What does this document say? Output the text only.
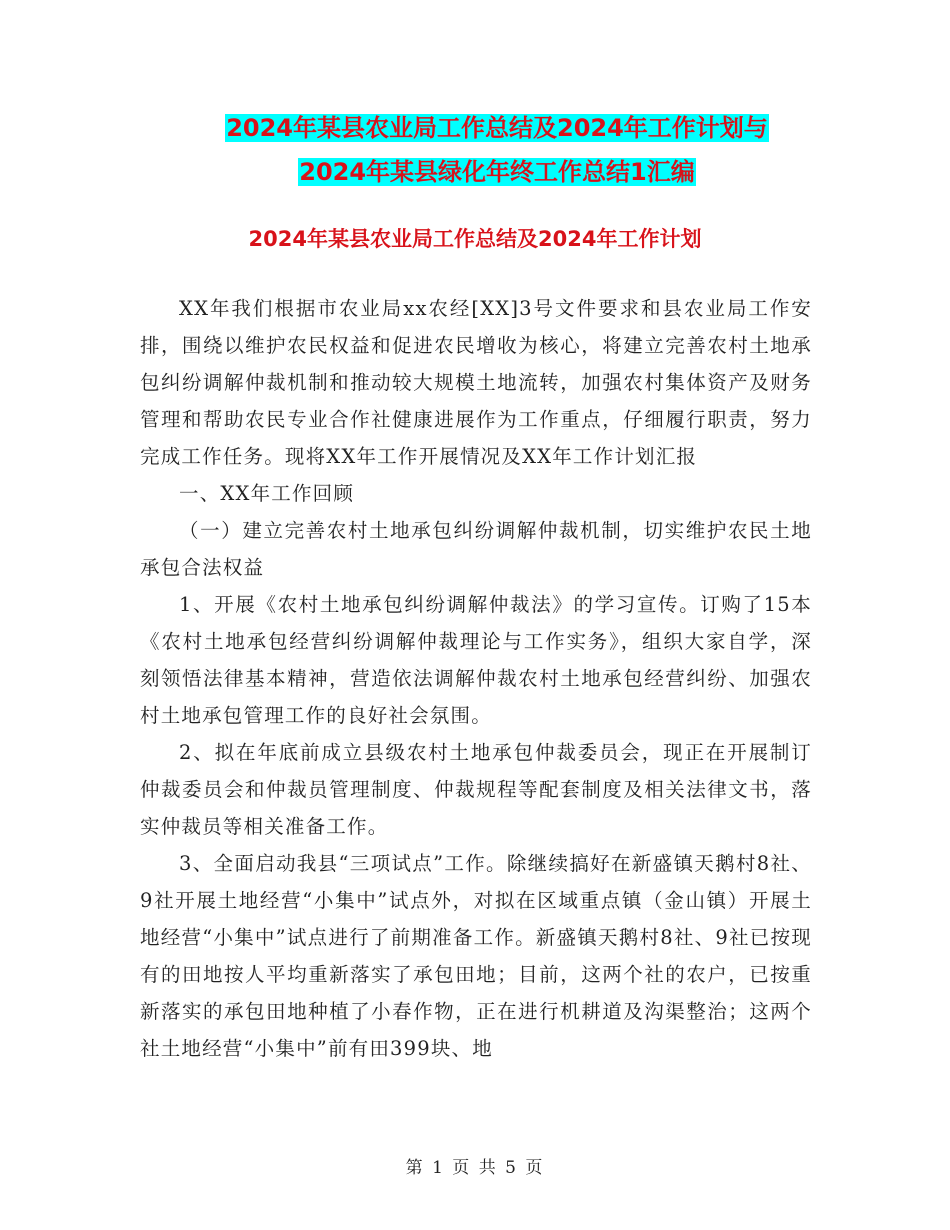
2024年某县农业局工作总结及2024年工作计划与
2024年某县绿化年终工作总结1汇编
2024年某县农业局工作总结及2024年工作计划

XX年我们根据市农业局xx农经[XX]3号文件要求和县农业局工作安排，围绕以维护农民权益和促进农民增收为核心，将建立完善农村土地承包纠纷调解仲裁机制和推动较大规模土地流转，加强农村集体资产及财务管理和帮助农民专业合作社健康进展作为工作重点，仔细履行职责，努力完成工作任务。现将XX年工作开展情况及XX年工作计划汇报

一、XX年工作回顾

（一）建立完善农村土地承包纠纷调解仲裁机制，切实维护农民土地承包合法权益

1、开展《农村土地承包纠纷调解仲裁法》的学习宣传。订购了15本《农村土地承包经营纠纷调解仲裁理论与工作实务》，组织大家自学，深刻领悟法律基本精神，营造依法调解仲裁农村土地承包经营纠纷、加强农村土地承包管理工作的良好社会氛围。

2、拟在年底前成立县级农村土地承包仲裁委员会，现正在开展制订仲裁委员会和仲裁员管理制度、仲裁规程等配套制度及相关法律文书，落实仲裁员等相关准备工作。

3、全面启动我县“三项试点”工作。除继续搞好在新盛镇天鹅村8社、9社开展土地经营“小集中”试点外，对拟在区域重点镇（金山镇）开展土地经营“小集中”试点进行了前期准备工作。新盛镇天鹅村8社、9社已按现有的田地按人平均重新落实了承包田地；目前，这两个社的农户，已按重新落实的承包田地种植了小春作物，正在进行机耕道及沟渠整治；这两个社土地经营“小集中”前有田399块、地

第 1 页 共 5 页
